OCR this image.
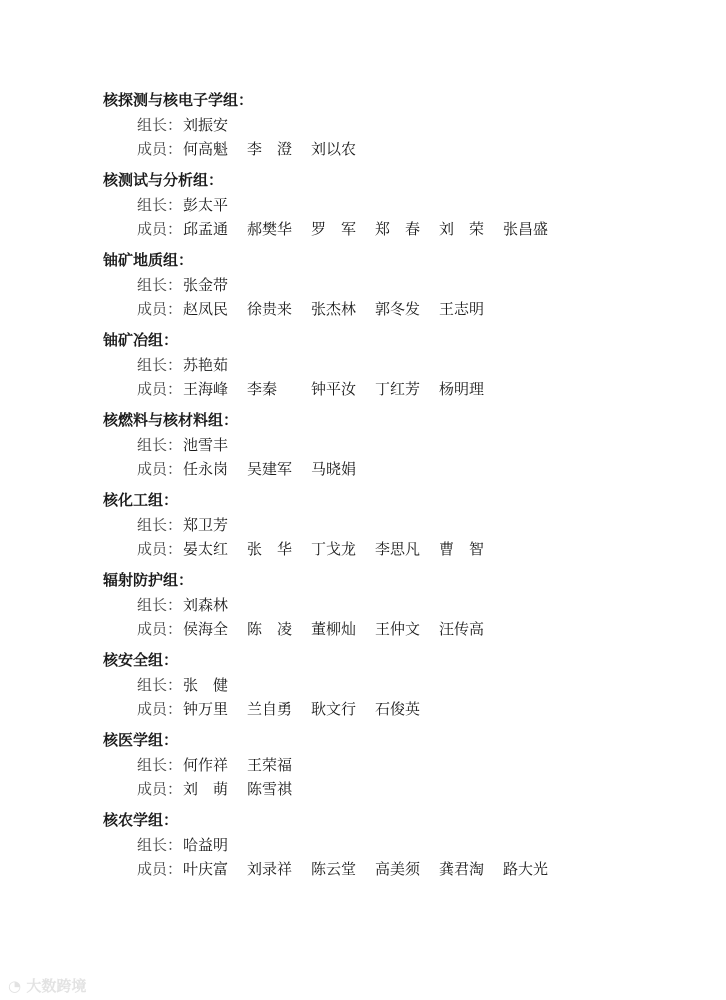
核探测与核电子学组：
组长： 刘振安
成员： 何高魁	李　澄	刘以农
核测试与分析组：
组长： 彭太平
成员： 邱孟通	郝樊华	罗　军	郑　春	刘　荣	张昌盛
铀矿地质组：
组长： 张金带
成员： 赵凤民	徐贵来	张杰林	郭冬发	王志明
铀矿冶组：
组长： 苏艳茹
成员： 王海峰	李秦	钟平汝	丁红芳	杨明理
核燃料与核材料组：
组长： 池雪丰
成员： 任永岗	吴建军	马晓娟
核化工组：
组长： 郑卫芳
成员： 晏太红	张　华	丁戈龙	李思凡	曹　智
辐射防护组：
组长： 刘森林
成员： 侯海全	陈　凌	董柳灿	王仲文	汪传高
核安全组：
组长： 张　健
成员： 钟万里	兰自勇	耿文行	石俊英
核医学组：
组长： 何作祥	王荣福
成员： 刘　萌	陈雪祺
核农学组：
组长： 哈益明
成员： 叶庆富	刘录祥	陈云堂	高美须	龚君淘	路大光
◔ 大数跨境
